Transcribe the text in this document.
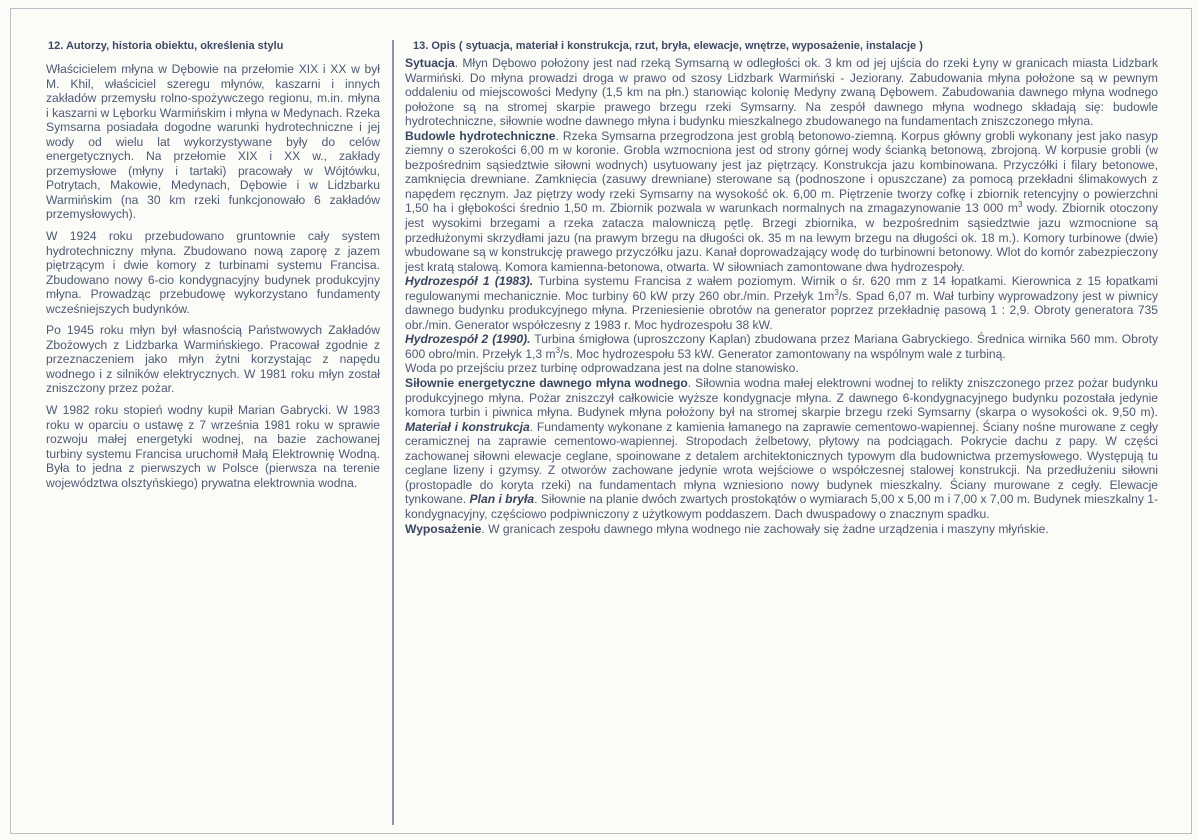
12. Autorzy, historia obiektu, określenia stylu	13. Opis ( sytuacja, materiał i konstrukcja, rzut, bryła, elewacje, wnętrze, wyposażenie, instalacje )

Właścicielem młyna w Dębowie na przełomie XIX i XX w był M. Khil, właściciel szeregu młynów, kaszarni i innych zakładów przemysłu rolno-spożywczego regionu, m.in. młyna i kaszarni w Lęborku Warmińskim i młyna w Medynach. Rzeka Symsarna posiadała dogodne warunki hydrotechniczne i jej wody od wielu lat wykorzystywane były do celów energetycznych. Na przełomie XIX i XX w., zakłady przemysłowe (młyny i tartaki) pracowały w Wójtówku, Potrytach, Makowie, Medynach, Dębowie i w Lidzbarku Warmińskim (na 30 km rzeki funkcjonowało 6 zakładów przemysłowych).

W 1924 roku przebudowano gruntownie cały system hydrotechniczny młyna. Zbudowano nową zaporę z jazem piętrzącym i dwie komory z turbinami systemu Francisa. Zbudowano nowy 6-cio kondygnacyjny budynek produkcyjny młyna. Prowadząc przebudowę wykorzystano fundamenty wcześniejszych budynków.

Po 1945 roku młyn był własnością Państwowych Zakładów Zbożowych z Lidzbarka Warmińskiego. Pracował zgodnie z przeznaczeniem jako młyn żytni korzystając z napędu wodnego i z silników elektrycznych. W 1981 roku młyn został zniszczony przez pożar.

W 1982 roku stopień wodny kupił Marian Gabrycki. W 1983 roku w oparciu o ustawę z 7 września 1981 roku w sprawie rozwoju małej energetyki wodnej, na bazie zachowanej turbiny systemu Francisa uruchomił Małą Elektrownię Wodną. Była to jedna z pierwszych w Polsce (pierwsza na terenie województwa olsztyńskiego) prywatna elektrownia wodna.

Sytuacja. Młyn Dębowo położony jest nad rzeką Symsarną w odległości ok. 3 km od jej ujścia do rzeki Łyny w granicach miasta Lidzbark Warmiński. Do młyna prowadzi droga w prawo od szosy Lidzbark Warmiński - Jeziorany. Zabudowania młyna położone są w pewnym oddaleniu od miejscowości Medyny (1,5 km na płn.) stanowiąc kolonię Medyny zwaną Dębowem. Zabudowania dawnego młyna wodnego położone są na stromej skarpie prawego brzegu rzeki Symsarny. Na zespół dawnego młyna wodnego składają się: budowle hydrotechniczne, siłownie wodne dawnego młyna i budynku mieszkalnego zbudowanego na fundamentach zniszczonego młyna.

Budowle hydrotechniczne. Rzeka Symsarna przegrodzona jest groblą betonowo-ziemną. Korpus główny grobli wykonany jest jako nasyp ziemny o szerokości 6,00 m w koronie. Grobla wzmocniona jest od strony górnej wody ścianką betonową, zbrojoną. W korpusie grobli (w bezpośrednim sąsiedztwie siłowni wodnych) usytuowany jest jaz piętrzący. Konstrukcja jazu kombinowana. Przyczółki i filary betonowe, zamknięcia drewniane. Zamknięcia (zasuwy drewniane) sterowane są (podnoszone i opuszczane) za pomocą przekładni ślimakowych z napędem ręcznym. Jaz piętrzy wody rzeki Symsarny na wysokość ok. 6,00 m. Piętrzenie tworzy cofkę i zbiornik retencyjny o powierzchni 1,50 ha i głębokości średnio 1,50 m. Zbiornik pozwala w warunkach normalnych na zmagazynowanie 13 000 $m^3$ wody. Zbiornik otoczony jest wysokimi brzegami a rzeka zatacza malowniczą pętlę. Brzegi zbiornika, w bezpośrednim sąsiedztwie jazu wzmocnione są przedłużonymi skrzydłami jazu (na prawym brzegu na długości ok. 35 m na lewym brzegu na długości ok. 18 m.). Komory turbinowe (dwie) wbudowane są w konstrukcję prawego przyczółku jazu. Kanał doprowadzający wodę do turbinowni betonowy. Wlot do komór zabezpieczony jest kratą stalową. Komora kamienna-betonowa, otwarta. W siłowniach zamontowane dwa hydrozespoły.

Hydrozespół 1 (1983). Turbina systemu Francisa z wałem poziomym. Wirnik o śr. 620 mm z 14 łopatkami. Kierownica z 15 łopatkami regulowanymi mechanicznie. Moc turbiny 60 kW przy 260 obr./min. Przełyk $1m^3/s$. Spad 6,07 m. Wał turbiny wyprowadzony jest w piwnicy dawnego budynku produkcyjnego młyna. Przeniesienie obrotów na generator poprzez przekładnię pasową 1 : 2,9. Obroty generatora 735 obr./min. Generator współczesny z 1983 r. Moc hydrozespołu 38 kW.

Hydrozespół 2 (1990). Turbina śmigłowa (uproszczony Kaplan) zbudowana przez Mariana Gabryckiego. Średnica wirnika 560 mm. Obroty 600 obro/min. Przełyk 1,3 $m^3/s$. Moc hydrozespołu 53 kW. Generator zamontowany na wspólnym wale z turbiną.

Woda po przejściu przez turbinę odprowadzana jest na dolne stanowisko.

Siłownie energetyczne dawnego młyna wodnego. Siłownia wodna małej elektrowni wodnej to relikty zniszczonego przez pożar budynku produkcyjnego młyna. Pożar zniszczył całkowicie wyższe kondygnacje młyna. Z dawnego 6-kondygnacyjnego budynku pozostała jedynie komora turbin i piwnica młyna. Budynek młyna położony był na stromej skarpie brzegu rzeki Symsarny (skarpa o wysokości ok. 9,50 m). Materiał i konstrukcja. Fundamenty wykonane z kamienia łamanego na zaprawie cementowo-wapiennej. Ściany nośne murowane z cegły ceramicznej na zaprawie cementowo-wapiennej. Stropodach żelbetowy, płytowy na podciągach. Pokrycie dachu z papy. W części zachowanej siłowni elewacje ceglane, spoinowane z detalem architektonicznych typowym dla budownictwa przemysłowego. Występują tu ceglane lizeny i gzymsy. Z otworów zachowane jedynie wrota wejściowe o współczesnej stalowej konstrukcji. Na przedłużeniu siłowni (prostopadle do koryta rzeki) na fundamentach młyna wzniesiono nowy budynek mieszkalny. Ściany murowane z cegły. Elewacje tynkowane. Plan i bryła. Siłownie na planie dwóch zwartych prostokątów o wymiarach 5,00 x 5,00 m i 7,00 x 7,00 m. Budynek mieszkalny 1- kondygnacyjny, częściowo podpiwniczony z użytkowym poddaszem. Dach dwuspadowy o znacznym spadku.

Wyposażenie. W granicach zespołu dawnego młyna wodnego nie zachowały się żadne urządzenia i maszyny młyńskie.
